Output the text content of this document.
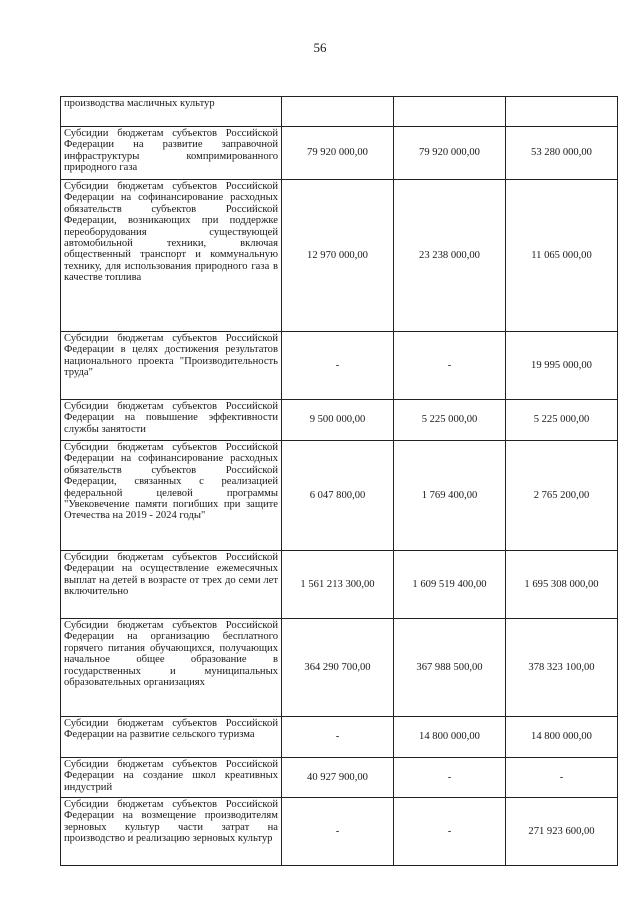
56
производства масличных культур			
Субсидии бюджетам субъектов Российской Федерации на развитие заправочной инфраструктуры компримированного природного газа	79 920 000,00	79 920 000,00	53 280 000,00
Субсидии бюджетам субъектов Российской Федерации на софинансирование расходных обязательств субъектов Российской Федерации, возникающих при поддержке переоборудования существующей автомобильной техники, включая общественный транспорт и коммунальную технику, для использования природного газа в качестве топлива	12 970 000,00	23 238 000,00	11 065 000,00
Субсидии бюджетам субъектов Российской Федерации в целях достижения результатов национального проекта "Производительность труда"	-	-	19 995 000,00
Субсидии бюджетам субъектов Российской Федерации на повышение эффективности службы занятости	9 500 000,00	5 225 000,00	5 225 000,00
Субсидии бюджетам субъектов Российской Федерации на софинансирование расходных обязательств субъектов Российской Федерации, связанных с реализацией федеральной целевой программы "Увековечение памяти погибших при защите Отечества на 2019 - 2024 годы"	6 047 800,00	1 769 400,00	2 765 200,00
Субсидии бюджетам субъектов Российской Федерации на осуществление ежемесячных выплат на детей в возрасте от трех до семи лет включительно	1 561 213 300,00	1 609 519 400,00	1 695 308 000,00
Субсидии бюджетам субъектов Российской Федерации на организацию бесплатного горячего питания обучающихся, получающих начальное общее образование в государственных и муниципальных образовательных организациях	364 290 700,00	367 988 500,00	378 323 100,00
Субсидии бюджетам субъектов Российской Федерации на развитие сельского туризма	-	14 800 000,00	14 800 000,00
Субсидии бюджетам субъектов Российской Федерации на создание школ креативных индустрий	40 927 900,00	-	-
Субсидии бюджетам субъектов Российской Федерации на возмещение производителям зерновых культур части затрат на производство и реализацию зерновых культур	-	-	271 923 600,00
